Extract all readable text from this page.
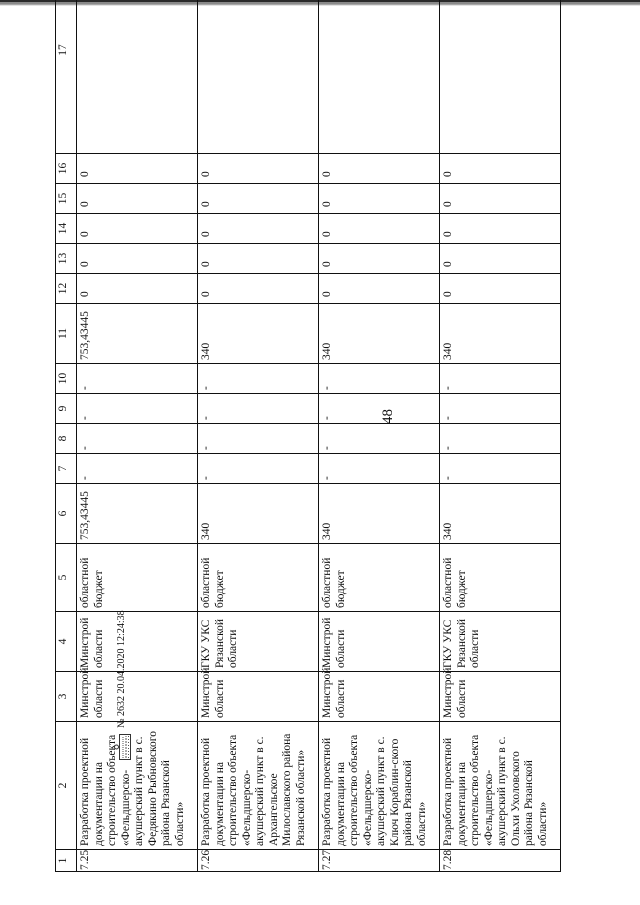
48
1	2	3	4	5	6	7	8	9	10	11	12	13	14	15	16	17
7.25	Разработка проектной документации на строительство объекта «Фельдшерско-акушерский пункт в с. Федякино Рыбновского района Рязанской области»	Минстрой области	Минстрой области	областной бюджет	753,43445	-	-	-	-	753,43445	0	0	0	0	0	
7.26	Разработка проектной документации на строительство объекта «Фельдшерско-акушерский пункт в с. Архангельское Милославского района Рязанской области»	Минстрой области	ГКУ УКС Рязанской области	областной бюджет	340	-	-	-	-	340	0	0	0	0	0	
7.27	Разработка проектной документации на строительство объекта «Фельдшерско-акушерский пункт в с. Ключ Кораблин-ского района Рязанской области»	Минстрой области	Минстрой области	областной бюджет	340	-	-	-	-	340	0	0	0	0	0	
7.28	Разработка проектной документации на строительство объекта «Фельдшерско-акушерский пункт в с. Ольхи Ухоловского района Рязанской области»	Минстрой области	ГКУ УКС Рязанской области	областной бюджет	340	-	-	-	-	340	0	0	0	0	0	
№ 2632 20.04.2020 12:24:38
